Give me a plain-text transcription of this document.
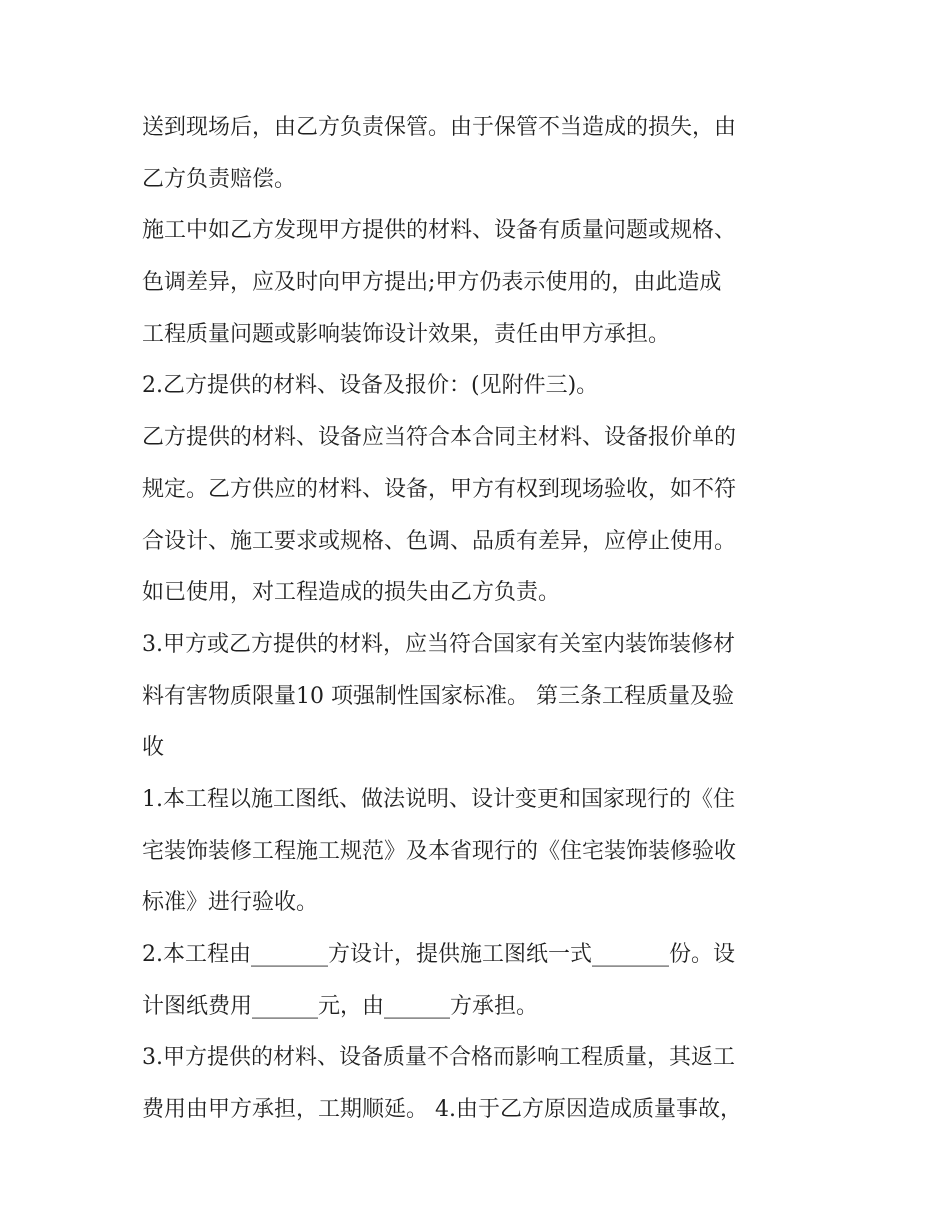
送到现场后，由乙方负责保管。由于保管不当造成的损失，由
乙方负责赔偿。

施工中如乙方发现甲方提供的材料、设备有质量问题或规格、
色调差异，应及时向甲方提出;甲方仍表示使用的，由此造成
工程质量问题或影响装饰设计效果，责任由甲方承担。

2.乙方提供的材料、设备及报价：(见附件三)。

乙方提供的材料、设备应当符合本合同主材料、设备报价单的
规定。乙方供应的材料、设备，甲方有权到现场验收，如不符
合设计、施工要求或规格、色调、品质有差异，应停止使用。
如已使用，对工程造成的损失由乙方负责。

3.甲方或乙方提供的材料，应当符合国家有关室内装饰装修材
料有害物质限量10 项强制性国家标准。 第三条工程质量及验
收

1.本工程以施工图纸、做法说明、设计变更和国家现行的《住
宅装饰装修工程施工规范》及本省现行的《住宅装饰装修验收
标准》进行验收。

2.本工程由_______方设计，提供施工图纸一式_______份。设
计图纸费用______元，由______方承担。

3.甲方提供的材料、设备质量不合格而影响工程质量，其返工
费用由甲方承担，工期顺延。 4.由于乙方原因造成质量事故，
